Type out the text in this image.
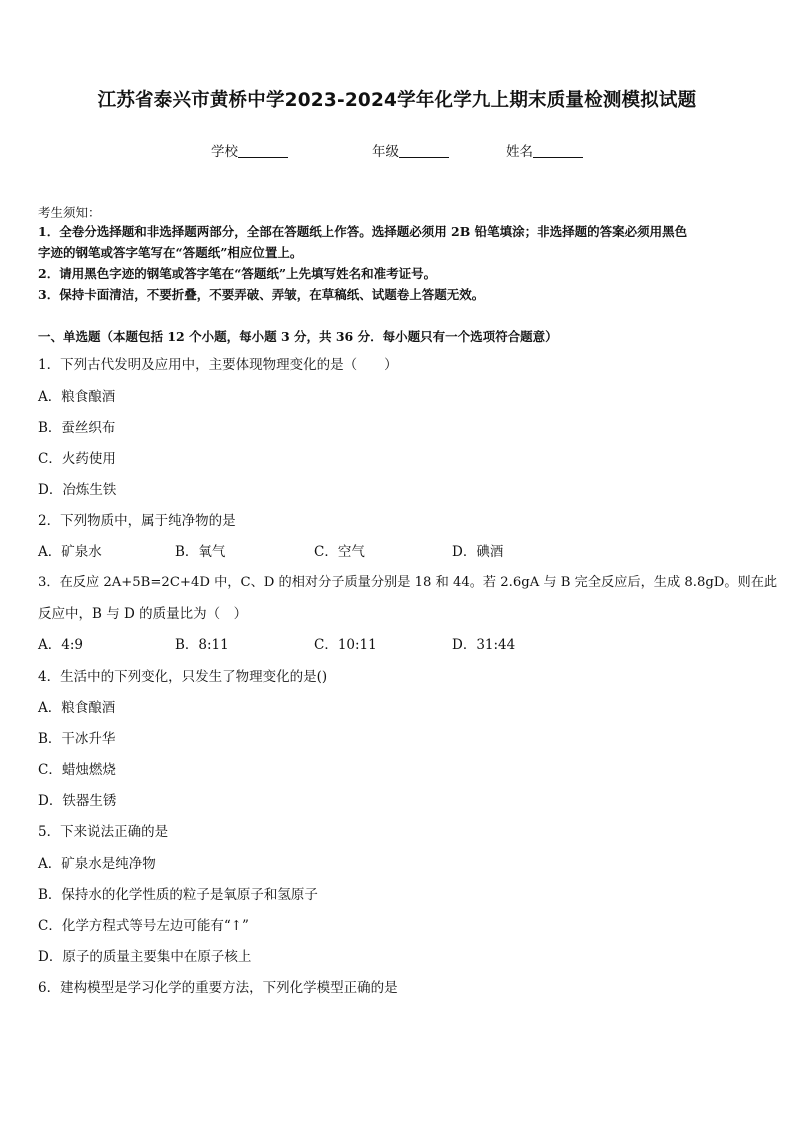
江苏省泰兴市黄桥中学2023-2024学年化学九上期末质量检测模拟试题
学校	年级	姓名
考生须知：
1．全卷分选择题和非选择题两部分，全部在答题纸上作答。选择题必须用 2B 铅笔填涂；非选择题的答案必须用黑色
字迹的钢笔或答字笔写在“答题纸”相应位置上。
2．请用黑色字迹的钢笔或答字笔在“答题纸”上先填写姓名和准考证号。
3．保持卡面清洁，不要折叠，不要弄破、弄皱，在草稿纸、试题卷上答题无效。
一、单选题（本题包括 12 个小题，每小题 3 分，共 36 分．每小题只有一个选项符合题意）
1．下列古代发明及应用中，主要体现物理变化的是（　　）
A．粮食酿酒
B．蚕丝织布
C．火药使用
D．冶炼生铁
2．下列物质中，属于纯净物的是
A．矿泉水	B．氧气	C．空气	D．碘酒
3．在反应 2A+5B=2C+4D 中，C、D 的相对分子质量分别是 18 和 44。若 2.6gA 与 B 完全反应后，生成 8.8gD。则在此
反应中，B 与 D 的质量比为（　）
A．4:9	B．8:11	C．10:11	D．31:44
4．生活中的下列变化，只发生了物理变化的是()
A．粮食酿酒
B．干冰升华
C．蜡烛燃烧
D．铁器生锈
5．下来说法正确的是
A．矿泉水是纯净物
B．保持水的化学性质的粒子是氧原子和氢原子
C．化学方程式等号左边可能有“↑”
D．原子的质量主要集中在原子核上
6．建构模型是学习化学的重要方法，下列化学模型正确的是
